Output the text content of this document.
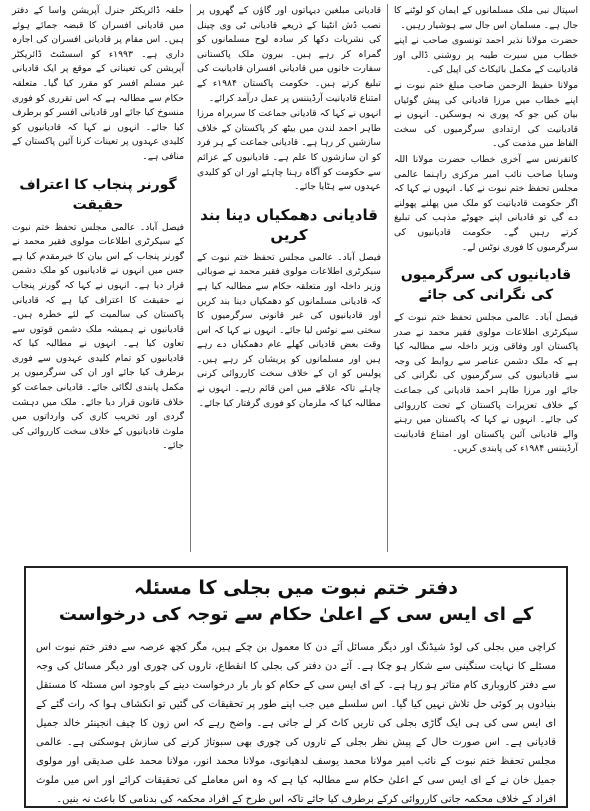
اسپتال نبی ملک مسلمانوں کے ایمان کو لوٹنے کا جال ہے۔ مسلمان اس جال سے ہوشیار رہیں۔

حضرت مولانا نذیر احمد تونسوی صاحب نے اپنے خطاب میں سیرت طیبہ پر روشنی ڈالی اور قادیانیت کے مکمل بائیکاٹ کی اپیل کی۔

مولانا حفیظ الرحمن صاحب مبلغ ختم نبوت نے اپنے خطاب میں مرزا قادیانی کی پیش گوئیاں بیان کیں جو کہ پوری نہ ہوسکیں۔ انہوں نے قادیانیت کی ارتدادی سرگرمیوں کی سخت الفاظ میں مذمت کی۔

کانفرنس سے آخری خطاب حضرت مولانا اللہ وسایا صاحب نائب امیر مرکزی راہنما عالمی مجلس تحفظ ختم نبوت نے کیا۔ انہوں نے کہا کہ اگر حکومت قادیانیت کو ملک میں پھلنے پھولنے دے گی تو قادیانی اپنے جھوٹے مذہب کی تبلیغ کرتے رہیں گے۔ حکومت قادیانیوں کی سرگرمیوں کا فوری نوٹس لے۔

قادیانیوں کی سرگرمیوں کی نگرانی کی جائے

فیصل آباد۔ عالمی مجلس تحفظ ختم نبوت کے سیکرٹری اطلاعات مولوی فقیر محمد نے صدر پاکستان اور وفاقی وزیر داخلہ سے مطالبہ کیا ہے کہ ملک دشمن عناصر سے روابط کی وجہ سے قادیانیوں کی سرگرمیوں کی نگرانی کی جائے اور مرزا طاہر احمد قادیانی کی جماعت کے خلاف تعزیرات پاکستان کے تحت کارروائی کی جائے۔ انہوں نے کہا کہ پاکستان میں رہنے والے قادیانی آئین پاکستان اور امتناع قادیانیت آرڈیننس ۱۹۸۴ء کی پابندی کریں۔

قادیانی مبلغین دیہاتوں اور گاؤں کے گھروں پر نصب ڈش انٹینا کے ذریعے قادیانی ٹی وی چینل کی نشریات دکھا کر سادہ لوح مسلمانوں کو گمراہ کر رہے ہیں۔ بیرون ملک پاکستانی سفارت خانوں میں قادیانی افسران قادیانیت کی تبلیغ کرتے ہیں۔ حکومت پاکستان ۱۹۸۴ء کے امتناع قادیانیت آرڈیننس پر عمل درآمد کرائے۔

انہوں نے کہا کہ قادیانی جماعت کا سربراہ مرزا طاہر احمد لندن میں بیٹھ کر پاکستان کے خلاف سازشیں کر رہا ہے۔ قادیانی جماعت کے ہر فرد کو ان سازشوں کا علم ہے۔ قادیانیوں کے عزائم سے حکومت کو آگاہ رہنا چاہئے اور ان کو کلیدی عہدوں سے ہٹایا جائے۔

قادیانی دھمکیاں دینا بند کریں

فیصل آباد۔ عالمی مجلس تحفظ ختم نبوت کے سیکرٹری اطلاعات مولوی فقیر محمد نے صوبائی وزیر داخلہ اور متعلقہ حکام سے مطالبہ کیا ہے کہ قادیانی مسلمانوں کو دھمکیاں دینا بند کریں اور قادیانیوں کی غیر قانونی سرگرمیوں کا سختی سے نوٹس لیا جائے۔ انہوں نے کہا کہ اس وقت بعض قادیانی کھلے عام دھمکیاں دے رہے ہیں اور مسلمانوں کو پریشان کر رہے ہیں۔ پولیس کو ان کے خلاف سخت کارروائی کرنی چاہئے تاکہ علاقے میں امن قائم رہے۔ انہوں نے مطالبہ کیا کہ ملزمان کو فوری گرفتار کیا جائے۔

حلقہ ڈائریکٹر جنرل آپریشن واسا کے دفتر میں قادیانی افسران کا قبضہ جمائے ہوئے ہیں۔ اس مقام پر قادیانی افسران کی اجارہ داری ہے۔ ۱۹۹۳ء کو اسسٹنٹ ڈائریکٹر آپریشن کی تعیناتی کے موقع پر ایک قادیانی غیر مسلم افسر کو مقرر کیا گیا۔ متعلقہ حکام سے مطالبہ ہے کہ اس تقرری کو فوری منسوخ کیا جائے اور قادیانی افسر کو برطرف کیا جائے۔ انہوں نے کہا کہ قادیانیوں کو کلیدی عہدوں پر تعینات کرنا آئین پاکستان کے منافی ہے۔

گورنر پنجاب کا اعتراف حقیقت

فیصل آباد۔ عالمی مجلس تحفظ ختم نبوت کے سیکرٹری اطلاعات مولوی فقیر محمد نے گورنر پنجاب کے اس بیان کا خیرمقدم کیا ہے جس میں انہوں نے قادیانیوں کو ملک دشمن قرار دیا ہے۔ انہوں نے کہا کہ گورنر پنجاب نے حقیقت کا اعتراف کیا ہے کہ قادیانی پاکستان کی سالمیت کے لئے خطرہ ہیں۔ قادیانیوں نے ہمیشہ ملک دشمن قوتوں سے تعاون کیا ہے۔ انہوں نے مطالبہ کیا کہ قادیانیوں کو تمام کلیدی عہدوں سے فوری برطرف کیا جائے اور ان کی سرگرمیوں پر مکمل پابندی لگائی جائے۔ قادیانی جماعت کو خلاف قانون قرار دیا جائے۔ ملک میں دہشت گردی اور تخریب کاری کی وارداتوں میں ملوث قادیانیوں کے خلاف سخت کارروائی کی جائے۔

دفتر ختم نبوت میں بجلی کا مسئلہ
کے ای ایس سی کے اعلیٰ حکام سے توجہ کی درخواست
کراچی میں بجلی کی لوڈ شیڈنگ اور دیگر مسائل آئے دن کا معمول بن چکے ہیں، مگر کچھ عرصہ سے دفتر ختم نبوت اس مسئلے کا نہایت سنگینی سے شکار ہو چکا ہے۔ آئے دن دفتر کی بجلی کا انقطاع، تاروں کی چوری اور دیگر مسائل کی وجہ سے دفتر کاروباری کام متاثر ہو رہا ہے۔ کے ای ایس سی کے حکام کو بار بار درخواست دینے کے باوجود اس مسئلہ کا مستقل بنیادوں پر کوئی حل تلاش نہیں کیا گیا۔ اس سلسلے میں جب اپنے طور پر تحقیقات کی گئیں تو انکشاف ہوا کہ رات گئے کے ای ایس سی کی ہی ایک گاڑی بجلی کی تاریں کاٹ کر لے جاتی ہے۔ واضح رہے کہ اس زون کا چیف انجینئر خالد جمیل قادیانی ہے۔ اس صورت حال کے پیش نظر بجلی کے تاروں کی چوری بھی سبوتاژ کرنے کی سازش ہوسکتی ہے۔ عالمی مجلس تحفظ ختم نبوت کے نائب امیر مولانا محمد یوسف لدھیانوی، مولانا محمد انور، مولانا محمد علی صدیقی اور مولوی جمیل خان نے کے ای ایس سی کے اعلیٰ حکام سے مطالبہ کیا ہے کہ وہ اس معاملے کی تحقیقات کرائے اور اس میں ملوث افراد کے خلاف محکمہ جاتی کارروائی کرکے برطرف کیا جائے تاکہ اس طرح کے افراد محکمہ کی بدنامی کا باعث نہ بنیں۔
